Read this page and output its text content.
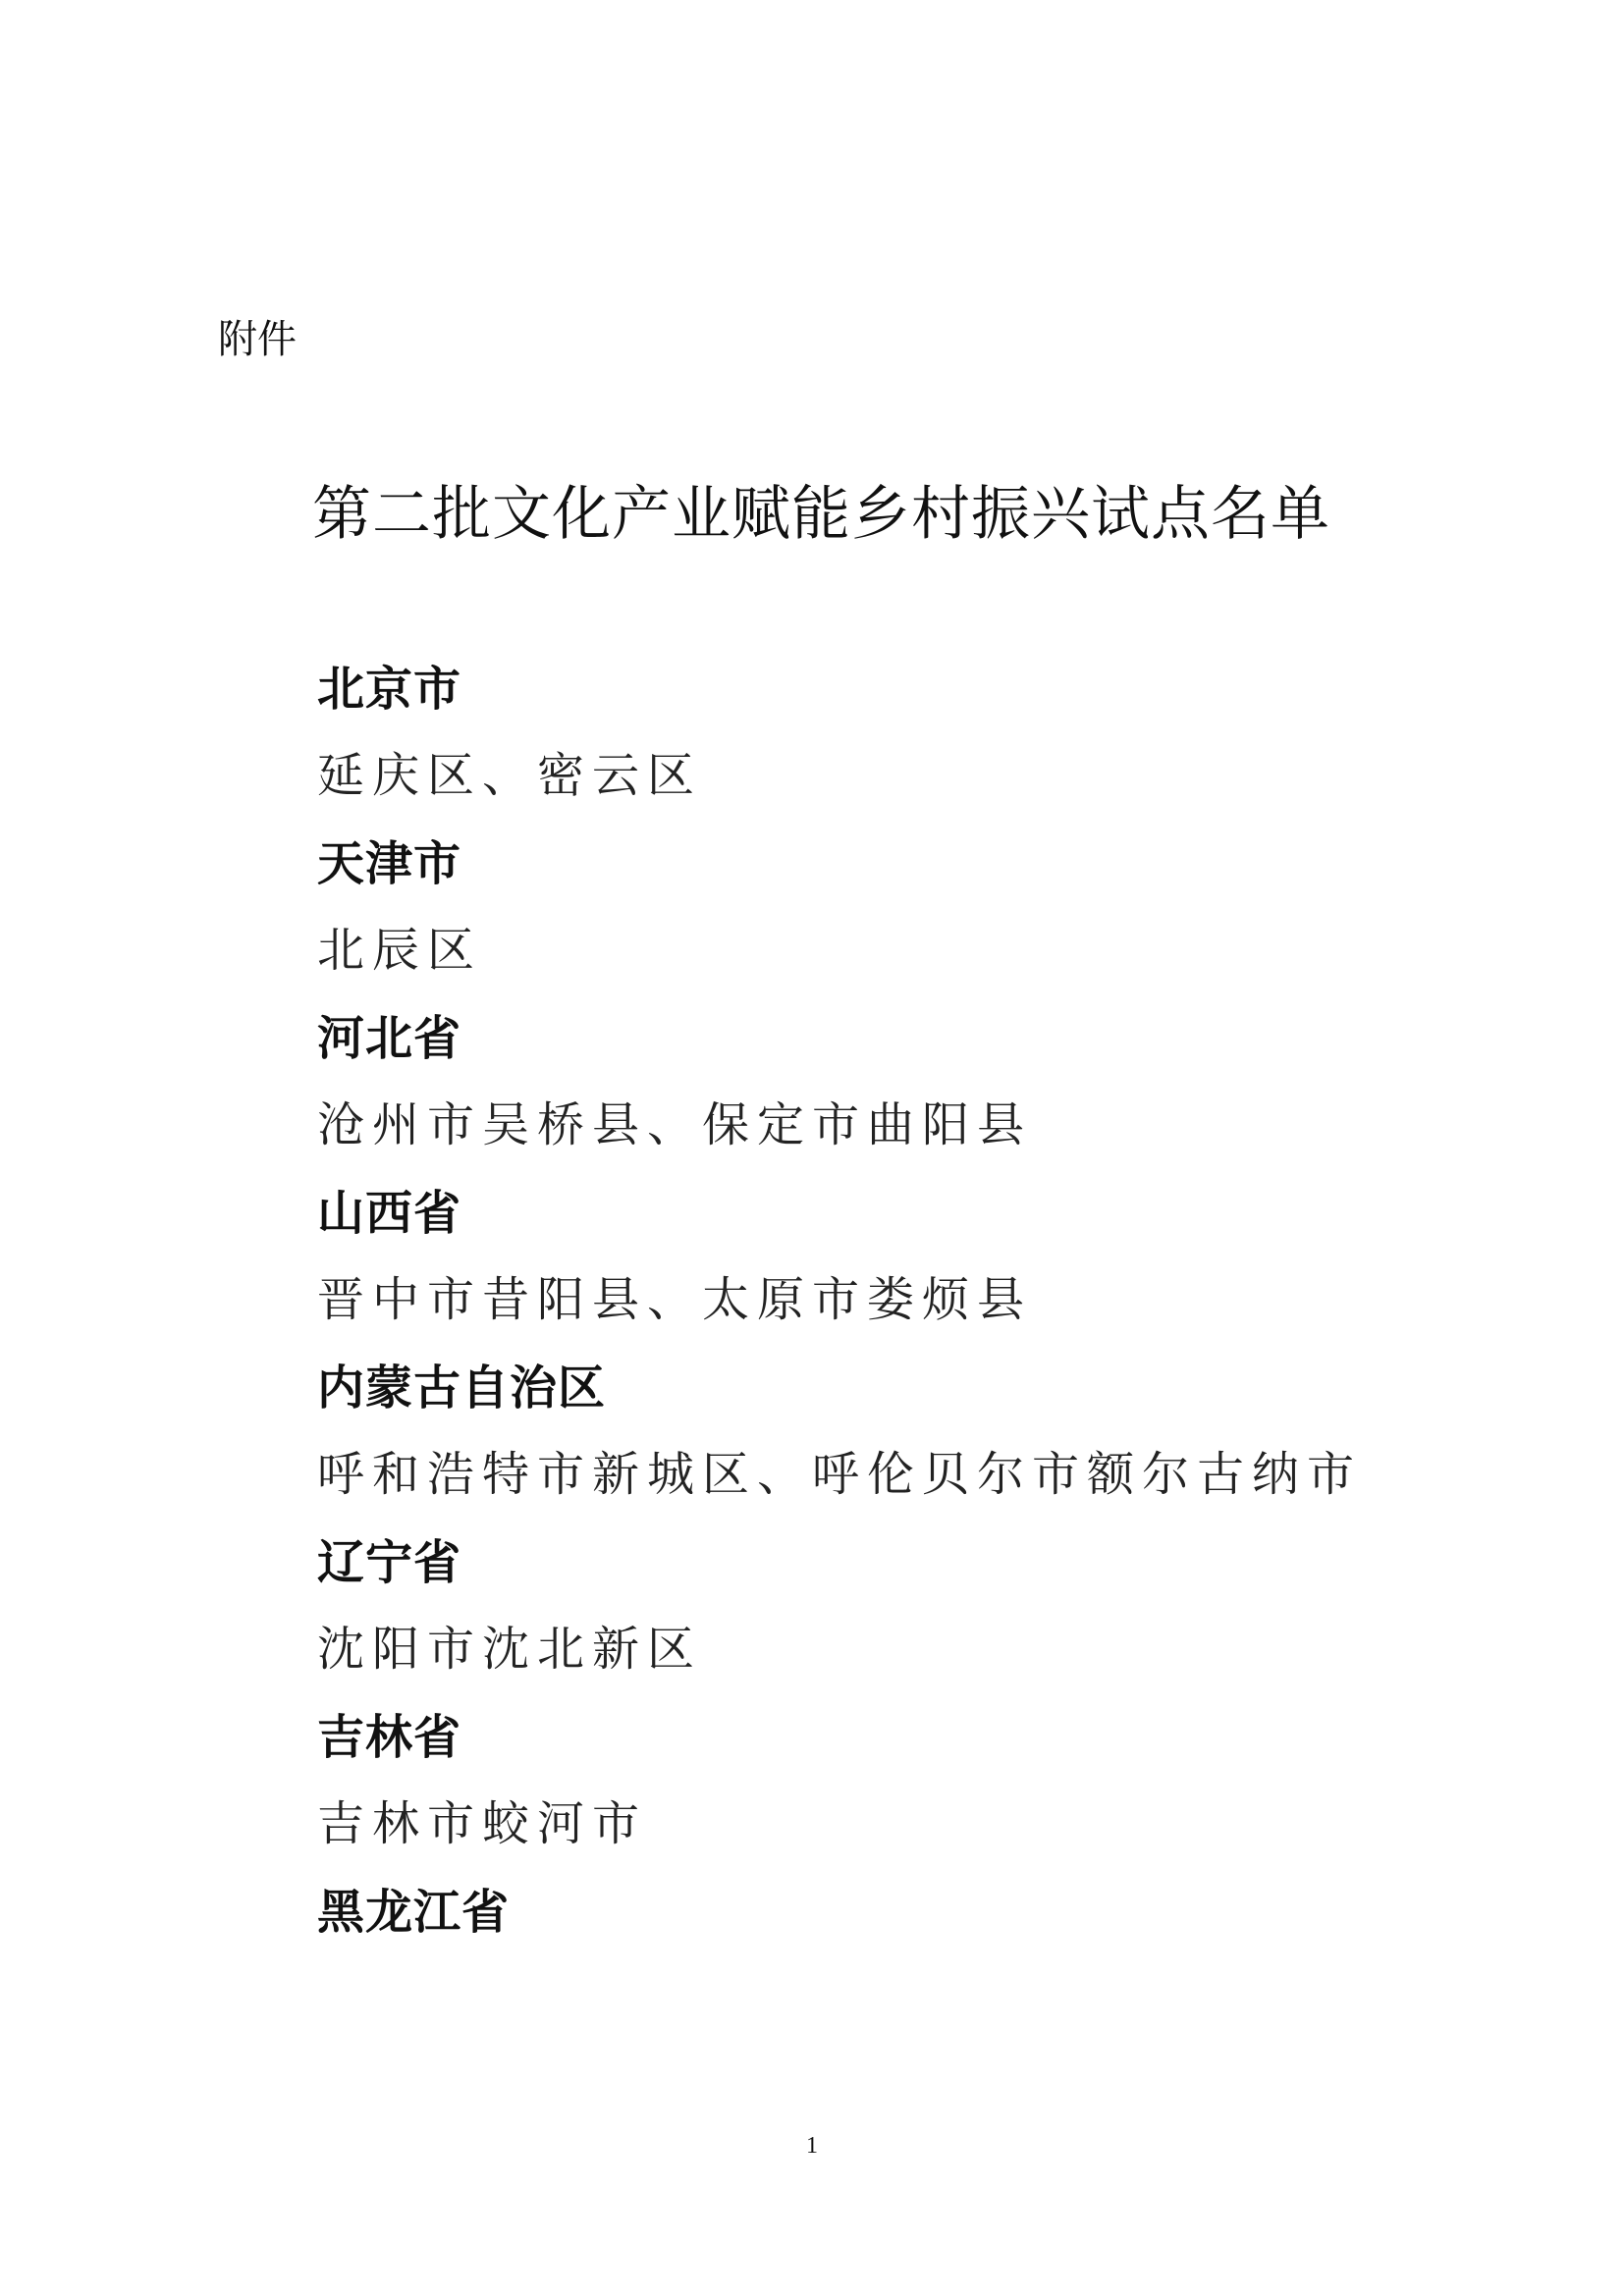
附件
第二批文化产业赋能乡村振兴试点名单
北京市
延庆区、密云区
天津市
北辰区
河北省
沧州市吴桥县、保定市曲阳县
山西省
晋中市昔阳县、太原市娄烦县
内蒙古自治区
呼和浩特市新城区、呼伦贝尔市额尔古纳市
辽宁省
沈阳市沈北新区
吉林省
吉林市蛟河市
黑龙江省
1
